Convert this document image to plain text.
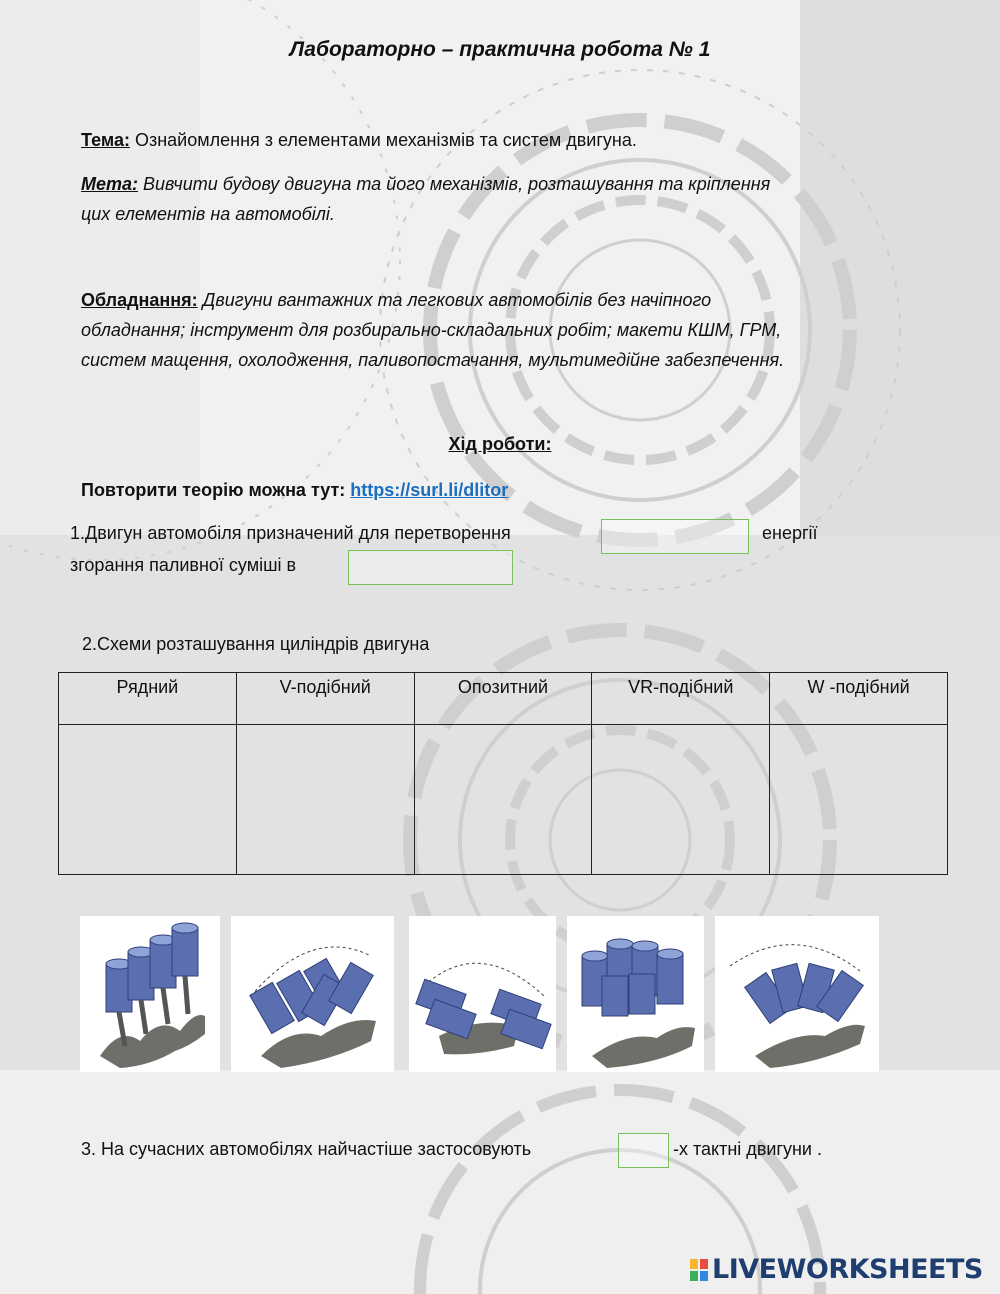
Лабораторно – практична робота № 1
Тема: Ознайомлення з елементами механізмів та систем двигуна.
Мета: Вивчити будову двигуна та його механізмів, розташування та кріплення
цих елементів на автомобілі.
Обладнання: Двигуни вантажних та легкових автомобілів без начіпного
обладнання; інструмент для розбирально-складальних робіт; макети КШМ, ГРМ,
систем мащення, охолодження, паливопостачання, мультимедійне забезпечення.
Хід роботи:
Повторити теорію можна тут: https://surl.li/dlitor
1.Двигун автомобіля призначений для перетворення	енергії
згорання паливної суміші в
2.Схеми розташування циліндрів двигуна
Рядний	V-подібний	Опозитний	VR-подібний	W -подібний

3. На сучасних автомобілях найчастіше застосовують	-х тактні двигуни .
LIVEWORKSHEETS
